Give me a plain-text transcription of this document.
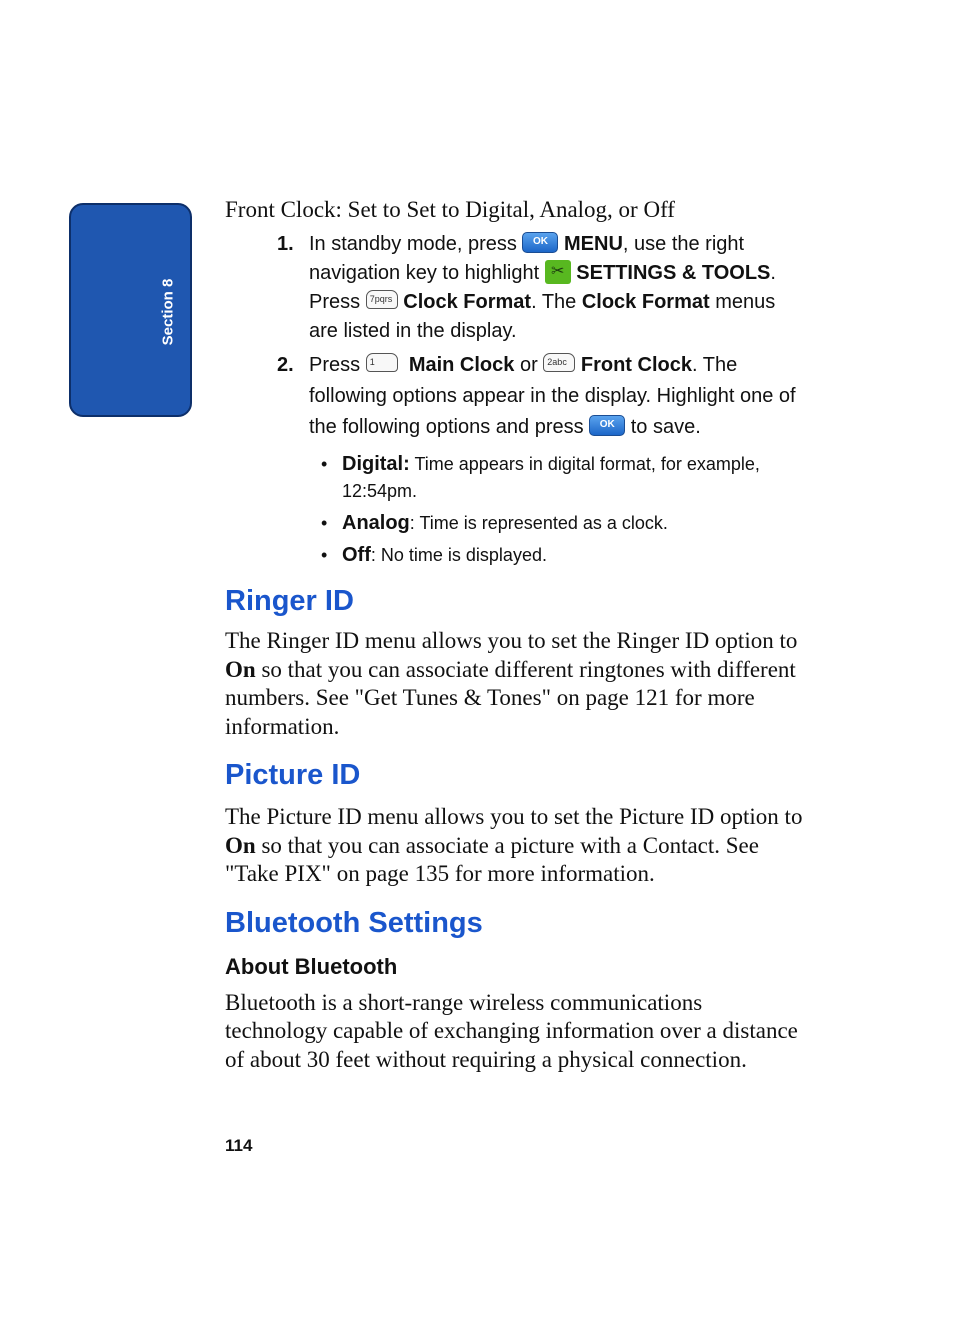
Section 8

Front Clock: Set to Set to Digital, Analog, or Off

1. In standby mode, press OK MENU, use the right navigation key to highlight ✂ SETTINGS & TOOLS. Press 7pqrs Clock Format. The Clock Format menus are listed in the display.
2. Press 1 Main Clock or 2abc Front Clock. The following options appear in the display. Highlight one of the following options and press OK to save.
• Digital: Time appears in digital format, for example, 12:54pm.
• Analog: Time is represented as a clock.
• Off: No time is displayed.
Ringer ID

The Ringer ID menu allows you to set the Ringer ID option to On so that you can associate different ringtones with different numbers. See "Get Tunes & Tones" on page 121 for more information.

Picture ID

The Picture ID menu allows you to set the Picture ID option to On so that you can associate a picture with a Contact. See "Take PIX" on page 135 for more information.

Bluetooth Settings
About Bluetooth

Bluetooth is a short-range wireless communications technology capable of exchanging information over a distance of about 30 feet without requiring a physical connection.

114
